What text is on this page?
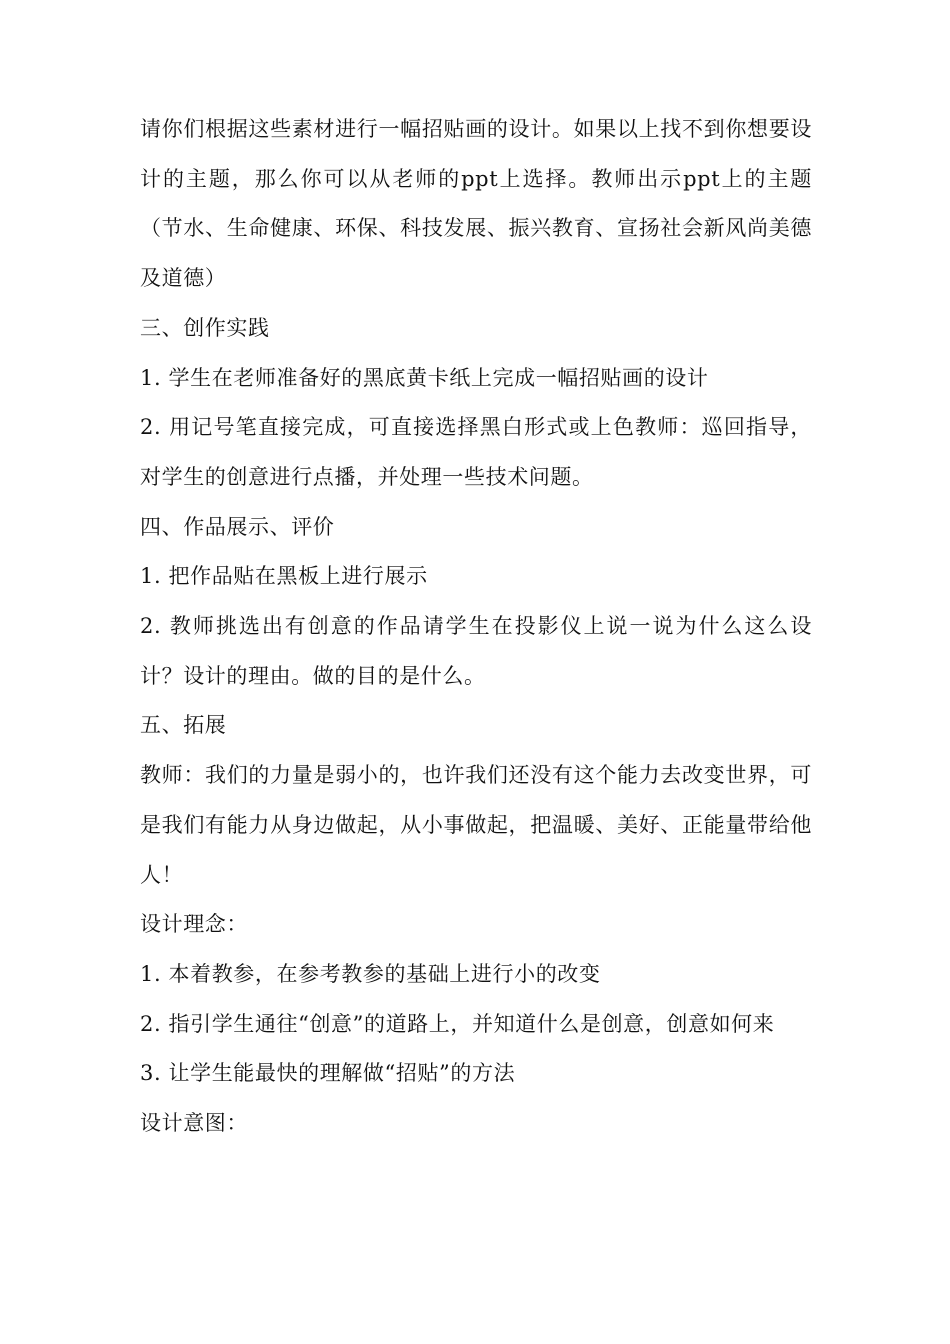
请你们根据这些素材进行一幅招贴画的设计。如果以上找不到你想要设计的主题，那么你可以从老师的ppt上选择。教师出示ppt上的主题（节水、生命健康、环保、科技发展、振兴教育、宣扬社会新风尚美德及道德）

三、创作实践

1. 学生在老师准备好的黑底黄卡纸上完成一幅招贴画的设计

2. 用记号笔直接完成，可直接选择黑白形式或上色教师：巡回指导，对学生的创意进行点播，并处理一些技术问题。

四、作品展示、评价

1. 把作品贴在黑板上进行展示

2. 教师挑选出有创意的作品请学生在投影仪上说一说为什么这么设计？设计的理由。做的目的是什么。

五、拓展

教师：我们的力量是弱小的，也许我们还没有这个能力去改变世界，可是我们有能力从身边做起，从小事做起，把温暖、美好、正能量带给他人！

设计理念：

1. 本着教参，在参考教参的基础上进行小的改变

2. 指引学生通往“创意”的道路上，并知道什么是创意，创意如何来

3. 让学生能最快的理解做“招贴”的方法

设计意图：
